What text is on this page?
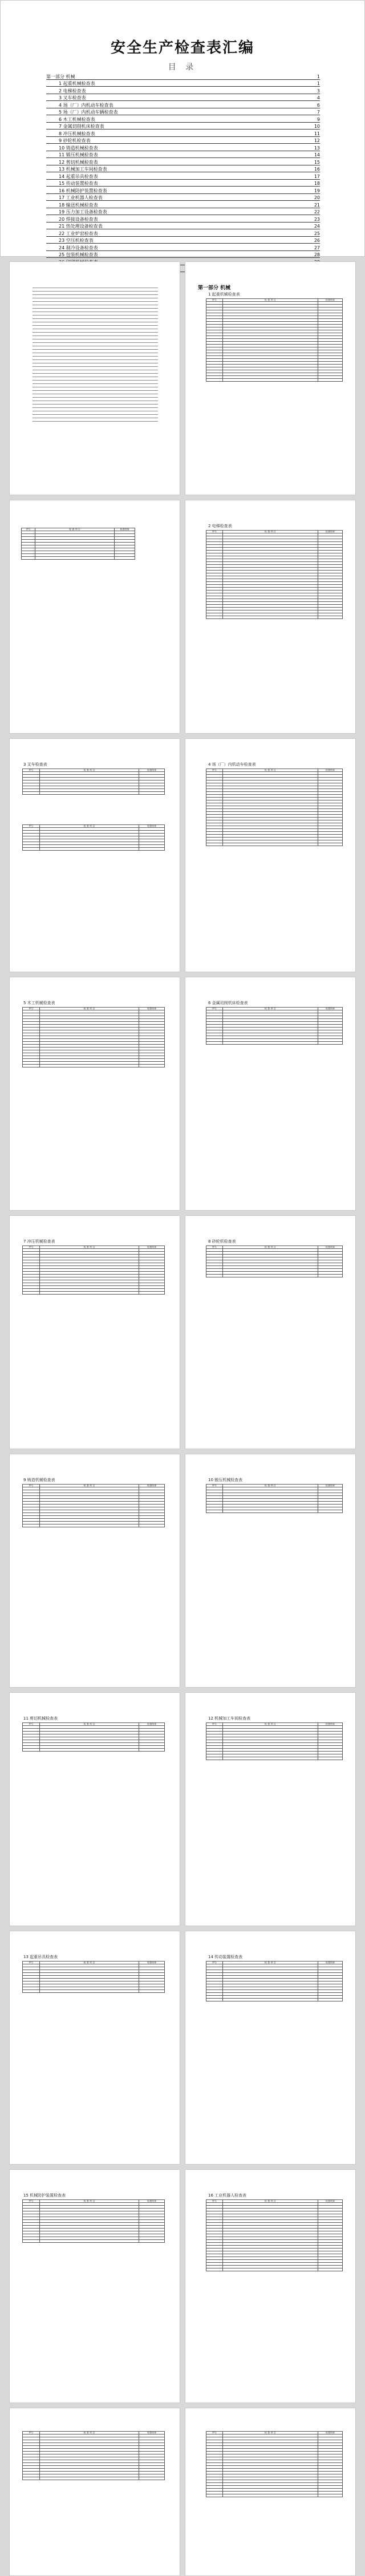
安全生产检查表汇编
目 录
第一部分 机械	1
1 起重机械检查表	1
2 电梯检查表	3
3 叉车检查表	4
4 场（厂）内机动车检查表	6
5 场（厂）内机动车辆检查表	7
6 木工机械检查表	9
7 金属切削机床检查表	10
8 冲压机械检查表	11
9 砂轮机检查表	12
10 铸造机械检查表	13
11 锻压机械检查表	14
12 剪切机械检查表	15
13 机械加工车间检查表	16
14 起重吊具检查表	17
15 传动装置检查表	18
16 机械防护装置检查表	19
17 工业机器人检查表	20
18 输送机械检查表	21
19 压力加工设备检查表	22
20 焊接设备检查表	23
21 热处理设备检查表	24
22 工业炉窑检查表	25
23 空压机检查表	26
24 制冷设备检查表	27
25 包装机械检查表	28
第一部分 机械
1 起重机械检查表
序号	检 查 项 目	检查结果

序号	检 查 项 目	检查结果

2 电梯检查表
序号	检 查 项 目	检查结果

3 叉车检查表
序号	检 查 项 目	检查结果

序号	检 查 项 目	检查结果

4 场（厂）内机动车检查表
序号	检 查 项 目	检查结果

5 木工机械检查表
序号	检 查 项 目	检查结果

6 金属切削机床检查表
序号	检 查 项 目	检查结果

7 冲压机械检查表
序号	检 查 项 目	检查结果

8 砂轮机检查表
序号	检 查 项 目	检查结果

9 铸造机械检查表
序号	检 查 项 目	检查结果

10 锻压机械检查表
序号	检 查 项 目	检查结果

11 剪切机械检查表
序号	检 查 项 目	检查结果

12 机械加工车间检查表
序号	检 查 项 目	检查结果

13 起重吊具检查表
序号	检 查 项 目	检查结果

14 传动装置检查表
序号	检 查 项 目	检查结果

15 机械防护装置检查表
序号	检 查 项 目	检查结果

16 工业机器人检查表
序号	检 查 项 目	检查结果

序号	检 查 项 目	检查结果

			序号	检 查 项 目	检查结果
